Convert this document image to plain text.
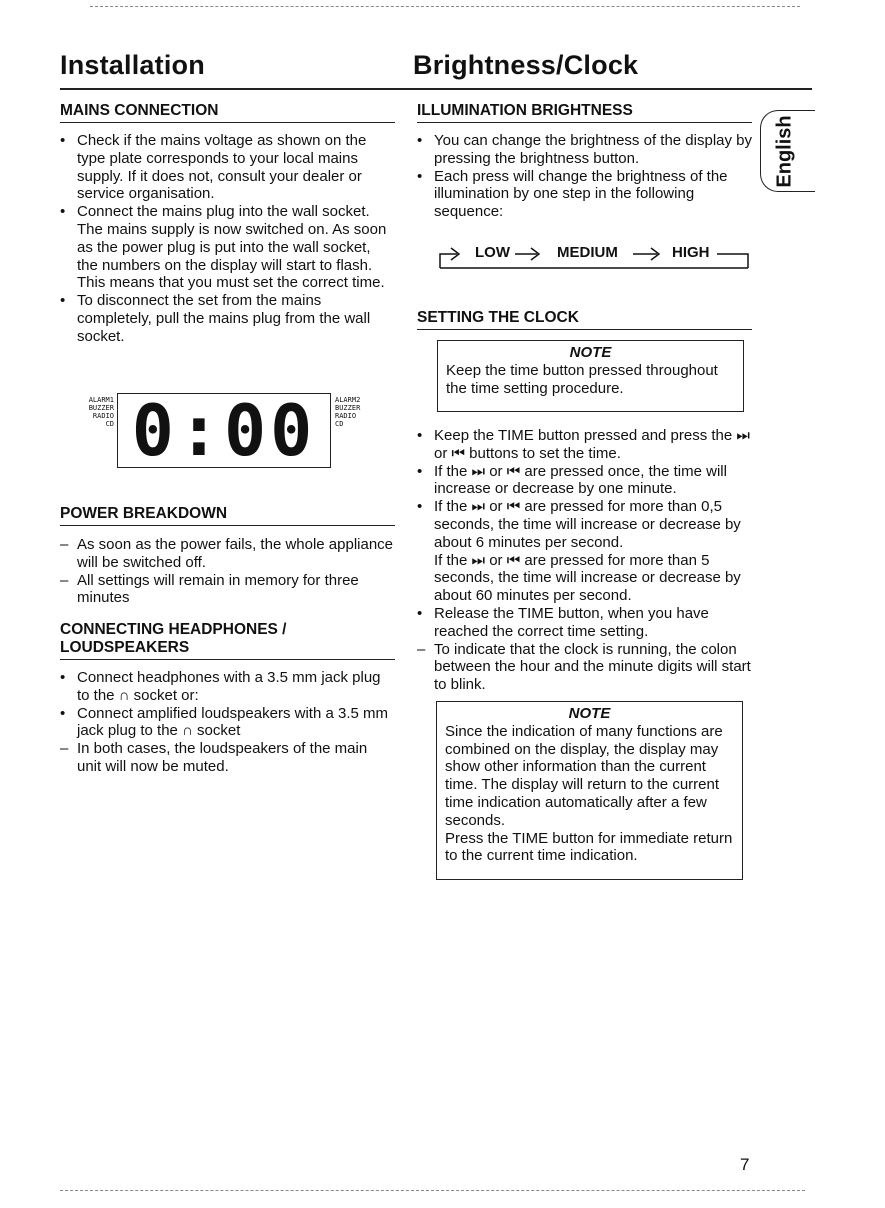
Installation	Brightness/Clock
English
MAINS CONNECTION
• Check if the mains voltage as shown on the type plate corresponds to your local mains supply. If it does not, consult your dealer or service organisation.
• Connect the mains plug into the wall socket. The mains supply is now switched on. As soon as the power plug is put into the wall socket, the numbers on the display will start to flash. This means that you must set the correct time.
• To disconnect the set from the mains completely, pull the mains plug from the wall socket.
ALARM1
BUZZER
RADIO
CD 0:00	ALARM2
BUZZER
RADIO
CD
POWER BREAKDOWN
– As soon as the power fails, the whole appliance will be switched off.
– All settings will remain in memory for three minutes
CONNECTING HEADPHONES /
LOUDSPEAKERS
• Connect headphones with a 3.5 mm jack plug to the ∩ socket or:
• Connect amplified loudspeakers with a 3.5 mm jack plug to the ∩ socket
– In both cases, the loudspeakers of the main unit will now be muted.
ILLUMINATION BRIGHTNESS
• You can change the brightness of the display by pressing the brightness button.
• Each press will change the brightness of the illumination by one step in the following sequence:
LOW	MEDIUM	HIGH
SETTING THE CLOCK
NOTE
Keep the time button pressed throughout the time setting procedure.
• Keep the TIME button pressed and press the ⏭ or ⏮ buttons to set the time.
• If the ⏭ or ⏮ are pressed once, the time will increase or decrease by one minute.
• If the ⏭ or ⏮ are pressed for more than 0,5 seconds, the time will increase or decrease by about 6 minutes per second.
If the ⏭ or ⏮ are pressed for more than 5 seconds, the time will increase or decrease by about 60 minutes per second.
• Release the TIME button, when you have reached the correct time setting.
– To indicate that the clock is running, the colon between the hour and the minute digits will start to blink.
NOTE
Since the indication of many functions are combined on the display, the display may show other information than the current time. The display will return to the current time indication automatically after a few seconds.
Press the TIME button for immediate return to the current time indication.
7
